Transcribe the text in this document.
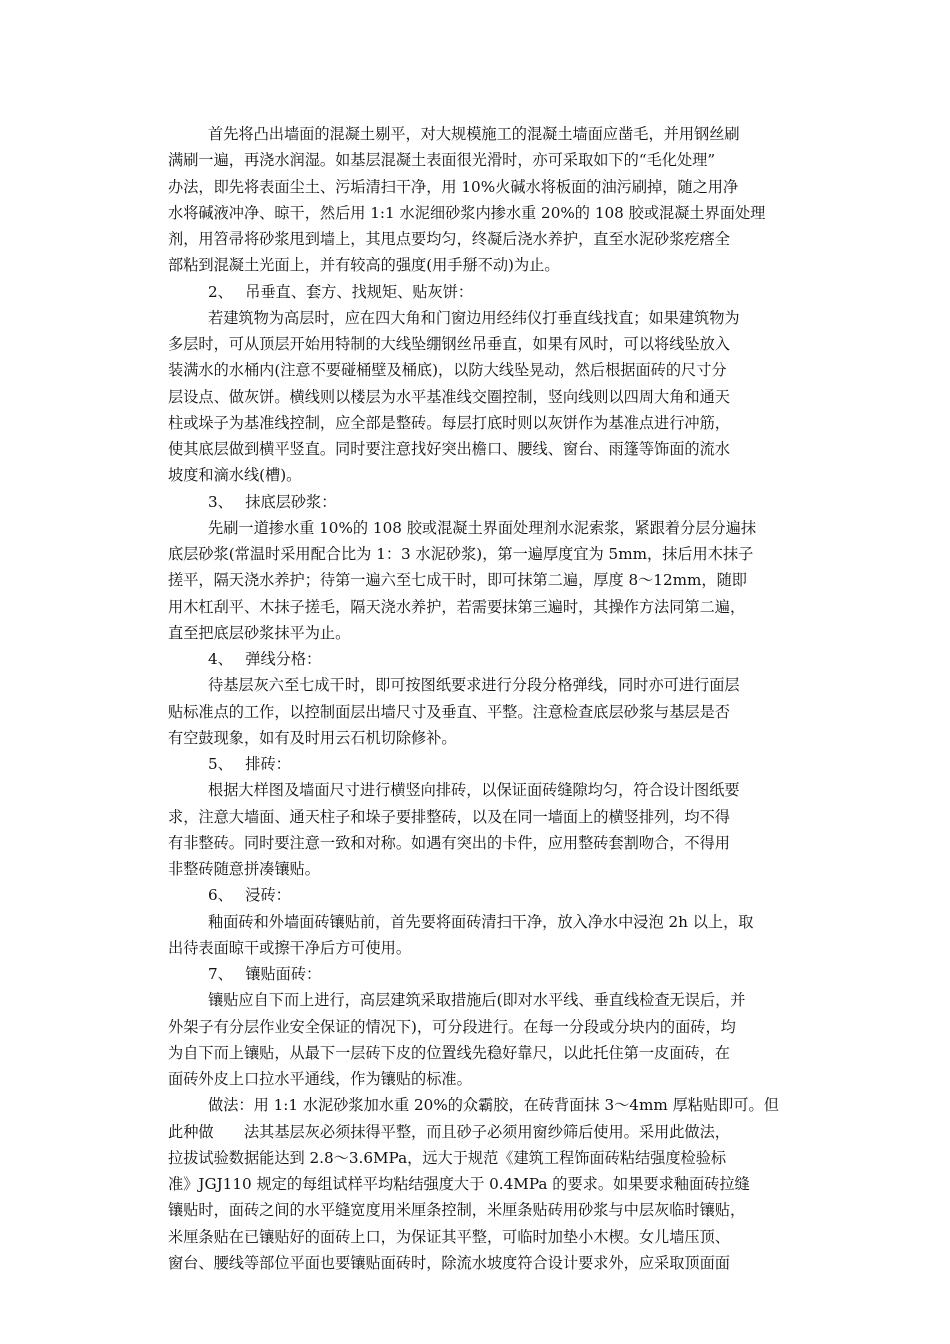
首先将凸出墙面的混凝土剔平，对大规模施工的混凝土墙面应凿毛，并用钢丝刷
满刷一遍，再浇水润湿。如基层混凝土表面很光滑时，亦可采取如下的“毛化处理”
办法，即先将表面尘土、污垢清扫干净，用 10%火碱水将板面的油污刷掉，随之用净
水将碱液冲净、晾干，然后用 1:1 水泥细砂浆内掺水重 20%的 108 胶或混凝土界面处理
剂，用笤帚将砂浆甩到墙上，其甩点要均匀，终凝后浇水养护，直至水泥砂浆疙瘩全
部粘到混凝土光面上，并有较高的强度(用手掰不动)为止。
2、　 吊垂直、套方、找规矩、贴灰饼：
若建筑物为高层时，应在四大角和门窗边用经纬仪打垂直线找直；如果建筑物为
多层时，可从顶层开始用特制的大线坠绷钢丝吊垂直，如果有风时，可以将线坠放入
装满水的水桶内(注意不要碰桶壁及桶底)，以防大线坠晃动，然后根据面砖的尺寸分
层设点、做灰饼。横线则以楼层为水平基准线交圈控制，竖向线则以四周大角和通天
柱或垛子为基准线控制，应全部是整砖。每层打底时则以灰饼作为基准点进行冲筋，
使其底层做到横平竖直。同时要注意找好突出檐口、腰线、窗台、雨篷等饰面的流水
坡度和滴水线(槽)。
3、　 抹底层砂浆：
先刷一道掺水重 10%的 108 胶或混凝土界面处理剂水泥索浆，紧跟着分层分遍抹
底层砂浆(常温时采用配合比为 1：3 水泥砂浆)，第一遍厚度宜为 5mm，抹后用木抹子
搓平，隔天浇水养护；待第一遍六至七成干时，即可抹第二遍，厚度 8～12mm，随即
用木杠刮平、木抹子搓毛，隔天浇水养护，若需要抹第三遍时，其操作方法同第二遍，
直至把底层砂浆抹平为止。
4、　 弹线分格：
待基层灰六至七成干时，即可按图纸要求进行分段分格弹线，同时亦可进行面层
贴标准点的工作，以控制面层出墙尺寸及垂直、平整。注意检查底层砂浆与基层是否
有空鼓现象，如有及时用云石机切除修补。
5、　 排砖：
根据大样图及墙面尺寸进行横竖向排砖，以保证面砖缝隙均匀，符合设计图纸要
求，注意大墙面、通天柱子和垛子要排整砖，以及在同一墙面上的横竖排列，均不得
有非整砖。同时要注意一致和对称。如遇有突出的卡件，应用整砖套割吻合，不得用
非整砖随意拼凑镶贴。
6、　 浸砖：
釉面砖和外墙面砖镶贴前，首先要将面砖清扫干净，放入净水中浸泡 2h 以上，取
出待表面晾干或擦干净后方可使用。
7、　 镶贴面砖：
镶贴应自下而上进行，高层建筑采取措施后(即对水平线、垂直线检查无误后，并
外架子有分层作业安全保证的情况下)，可分段进行。在每一分段或分块内的面砖，均
为自下而上镶贴，从最下一层砖下皮的位置线先稳好靠尺，以此托住第一皮面砖，在
面砖外皮上口拉水平通线，作为镶贴的标准。
做法：用 1:1 水泥砂浆加水重 20%的众霸胶，在砖背面抹 3～4mm 厚粘贴即可。但
此种做　　法其基层灰必须抹得平整，而且砂子必须用窗纱筛后使用。采用此做法，
拉拔试验数据能达到 2.8～3.6MPa，远大于规范《建筑工程饰面砖粘结强度检验标
准》JGJ110 规定的每组试样平均粘结强度大于 0.4MPa 的要求。如果要求釉面砖拉缝
镶贴时，面砖之间的水平缝宽度用米厘条控制，米厘条贴砖用砂浆与中层灰临时镶贴，
米厘条贴在已镶贴好的面砖上口，为保证其平整，可临时加垫小木楔。女儿墙压顶、
窗台、腰线等部位平面也要镶贴面砖时，除流水坡度符合设计要求外，应采取顶面面
